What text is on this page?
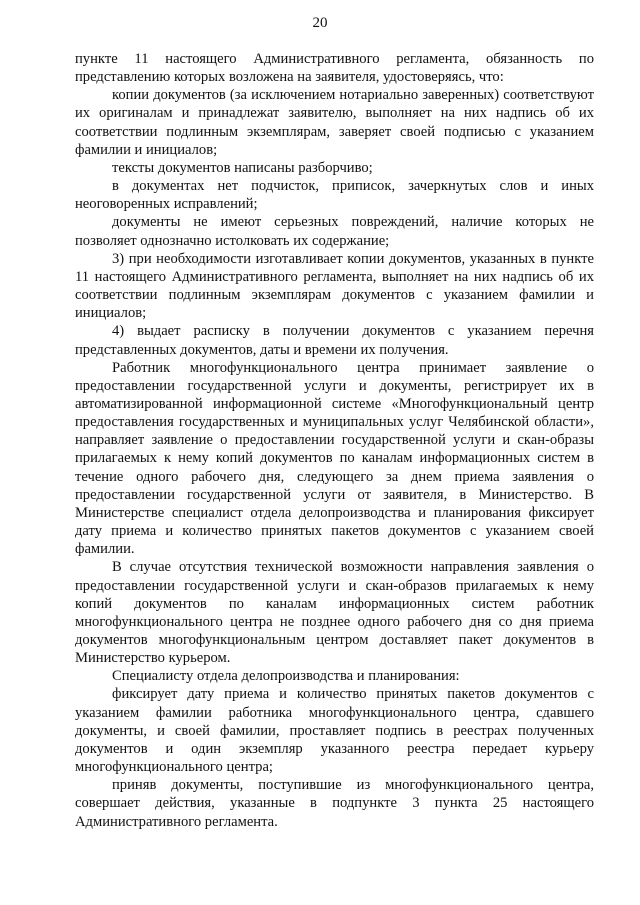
20

пункте 11 настоящего Административного регламента, обязанность по представлению которых возложена на заявителя, удостоверяясь, что:

копии документов (за исключением нотариально заверенных) соответствуют их оригиналам и принадлежат заявителю, выполняет на них надпись об их соответствии подлинным экземплярам, заверяет своей подписью с указанием фамилии и инициалов;

тексты документов написаны разборчиво;

в документах нет подчисток, приписок, зачеркнутых слов и иных неоговоренных исправлений;

документы не имеют серьезных повреждений, наличие которых не позволяет однозначно истолковать их содержание;

3) при необходимости изготавливает копии документов, указанных в пункте 11 настоящего Административного регламента, выполняет на них надпись об их соответствии подлинным экземплярам документов с указанием фамилии и инициалов;

4) выдает расписку в получении документов с указанием перечня представленных документов, даты и времени их получения.

Работник многофункционального центра принимает заявление о предоставлении государственной услуги и документы, регистрирует их в автоматизированной информационной системе «Многофункциональный центр предоставления государственных и муниципальных услуг Челябинской области», направляет заявление о предоставлении государственной услуги и скан-образы прилагаемых к нему копий документов по каналам информационных систем в течение одного рабочего дня, следующего за днем приема заявления о предоставлении государственной услуги от заявителя, в Министерство. В Министерстве специалист отдела делопроизводства и планирования фиксирует дату приема и количество принятых пакетов документов с указанием своей фамилии.

В случае отсутствия технической возможности направления заявления о предоставлении государственной услуги и скан-образов прилагаемых к нему копий документов по каналам информационных систем работник многофункционального центра не позднее одного рабочего дня со дня приема документов многофункциональным центром доставляет пакет документов в Министерство курьером.

Специалисту отдела делопроизводства и планирования:

фиксирует дату приема и количество принятых пакетов документов с указанием фамилии работника многофункционального центра, сдавшего документы, и своей фамилии, проставляет подпись в реестрах полученных документов и один экземпляр указанного реестра передает курьеру многофункционального центра;

приняв документы, поступившие из многофункционального центра, совершает действия, указанные в подпункте 3 пункта 25 настоящего Административного регламента.
